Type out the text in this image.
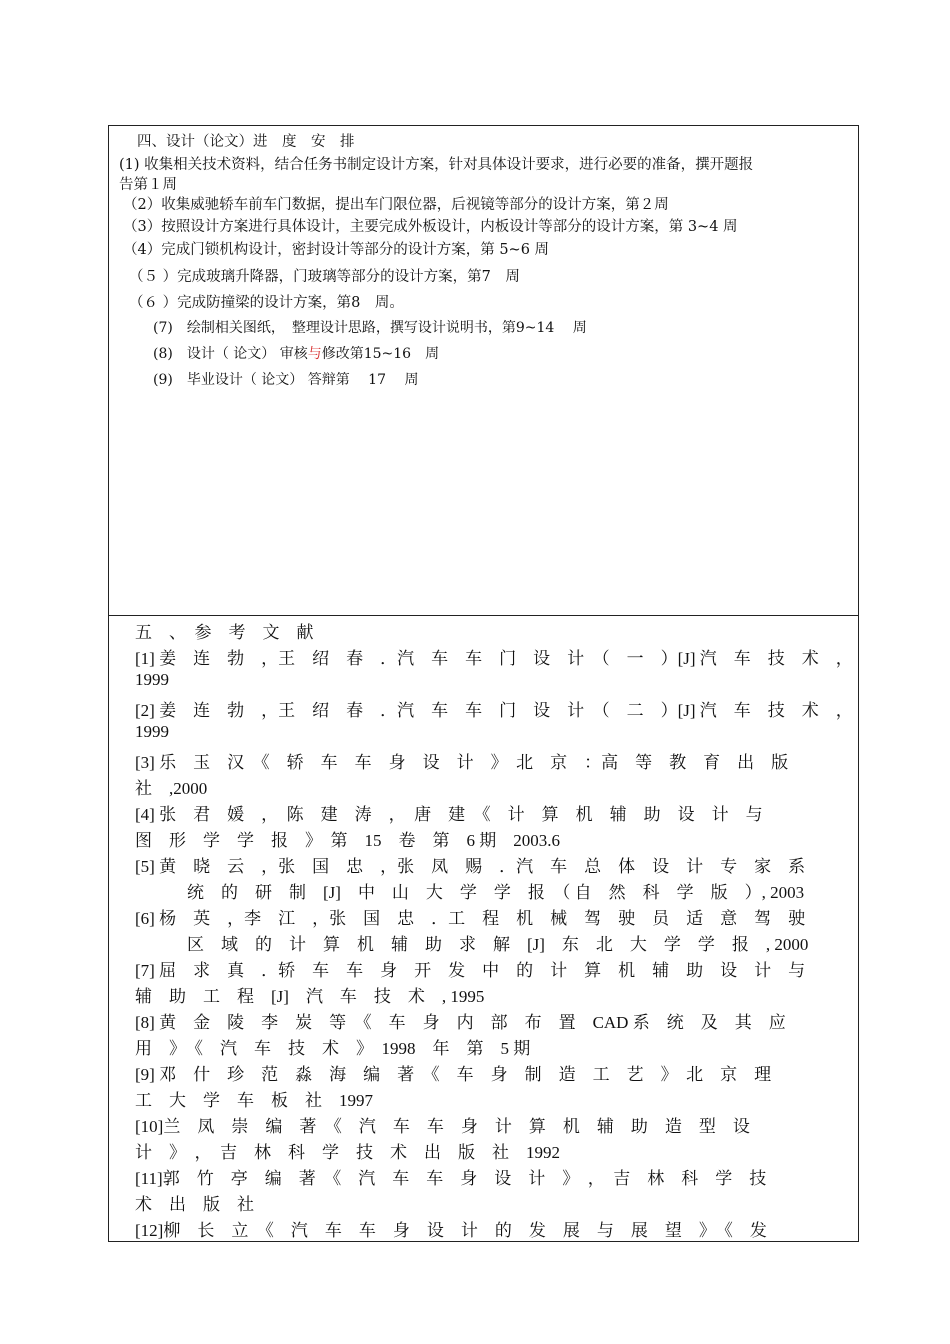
四、设计（论文）进　度　安　排
(1) 收集相关技术资料，结合任务书制定设计方案，针对具体设计要求，进行必要的准备，撰开题报
告第１周
（2）收集威驰轿车前车门数据，提出车门限位器，后视镜等部分的设计方案，第２周
（3）按照设计方案进行具体设计，主要完成外板设计，内板设计等部分的设计方案，第 3~4 周
（4）完成门锁机构设计，密封设计等部分的设计方案，第 5~6 周
（５ ）完成玻璃升降器，门玻璃等部分的设计方案，第7　周
（６ ）完成防撞梁的设计方案，第8　周。
(7)　绘制相关图纸，　整理设计思路，撰写设计说明书，第9~14　 周
(8)　设计（ 论文） 审核与修改第15~16　周
(9)　毕业设计（ 论文） 答辩第　 17　 周
五　、　参　考　文　献
[1] 姜　连　勃　，王　绍　春　．汽　车　车　门　设　计　（　一　）[J] 汽　车　技　术　，
1999
[2] 姜　连　勃　，王　绍　春　．汽　车　车　门　设　计　（　二　）[J] 汽　车　技　术　，
1999
[3] 乐　玉　汉　《　轿　车　车　身　设　计　》　北　京　：高　等　教　育　出　版
社　,2000
[4] 张　君　媛　，　陈　建　涛　，　唐　建　《　计　算　机　辅　助　设　计　与
图　形　学　学　报　》　第　15　卷　第　6 期　2003.6
[5] 黄　晓　云　，张　国　忠　，张　凤　赐　．汽　车　总　体　设　计　专　家　系
统　的　研　制　[J]　中　山　大　学　学　报　（ 自　然　科　学　版　）, 2003
[6] 杨　英　，李　江　，张　国　忠　．工　程　机　械　驾　驶　员　适　意　驾　驶
区　域　的　计　算　机　辅　助　求　解　[J]　东　北　大　学　学　报　, 2000
[7] 屈　求　真　．轿　车　车　身　开　发　中　的　计　算　机　辅　助　设　计　与
辅　助　工　程　[J]　汽　车　技　术　, 1995
[8] 黄　金　陵　李　炭　等　《　车　身　内　部　布　置　CAD 系　统　及　其　应
用　》　《　汽　车　技　术　》　1998　年　第　5 期
[9] 邓　什　珍　范　淼　海　编　著　《　车　身　制　造　工　艺　》　北　京　理
工　大　学　车　板　社　1997
[10]兰　凤　崇　编　著　《　汽　车　车　身　计　算　机　辅　助　造　型　设
计　》　，　吉　林　科　学　技　术　出　版　社　1992
[11]郭　竹　亭　编　著　《　汽　车　车　身　设　计　》　，　吉　林　科　学　技
术　出　版　社
[12]柳　长　立　《　汽　车　车　身　设　计　的　发　展　与　展　望　》　《　发
